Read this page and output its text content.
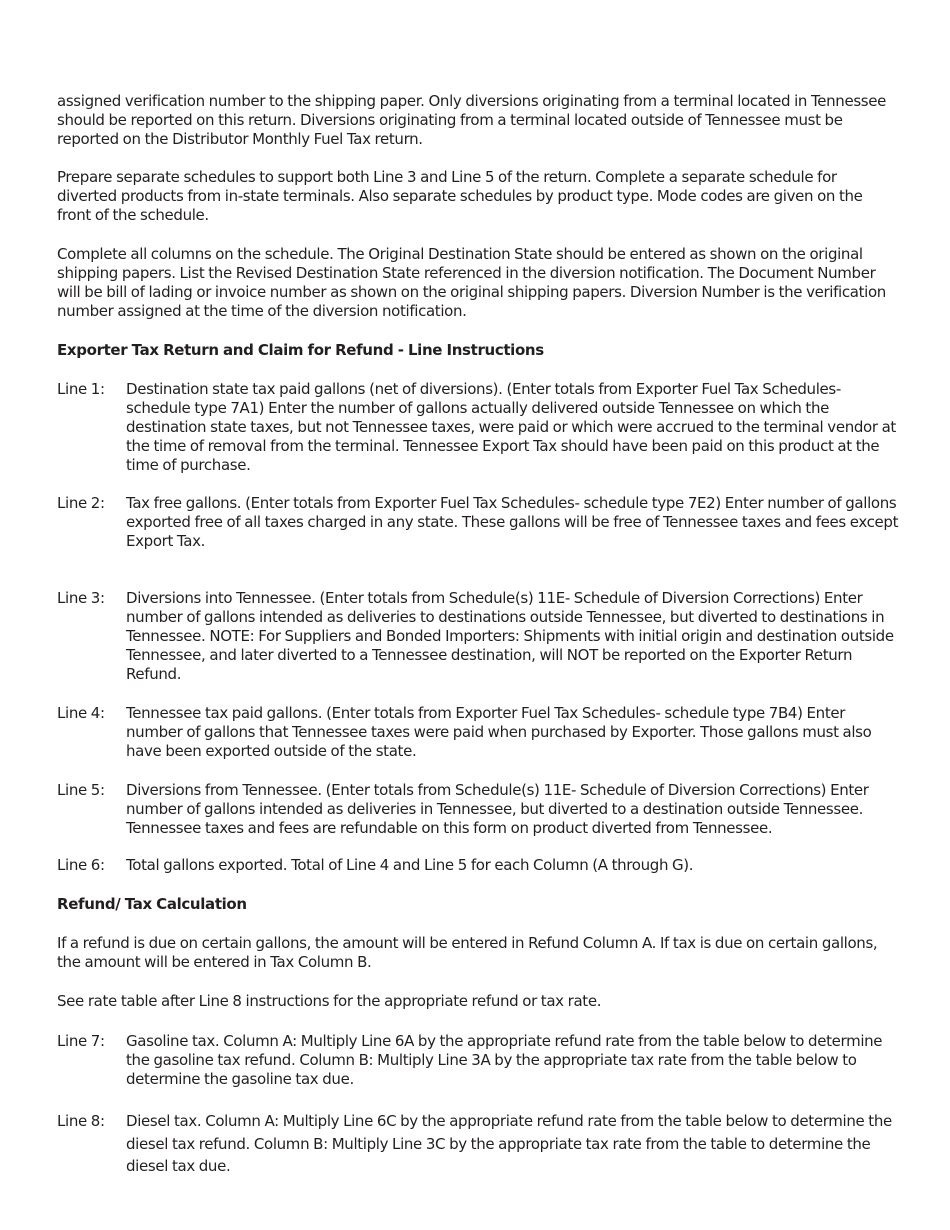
assigned verification number to the shipping paper. Only diversions originating from a terminal located in Tennessee should be reported on this return. Diversions originating from a terminal located outside of Tennessee must be reported on the Distributor Monthly Fuel Tax return.

Prepare separate schedules to support both Line 3 and Line 5 of the return. Complete a separate schedule for diverted products from in-state terminals. Also separate schedules by product type. Mode codes are given on the front of the schedule.

Complete all columns on the schedule. The Original Destination State should be entered as shown on the original shipping papers. List the Revised Destination State referenced in the diversion notification. The Document Number will be bill of lading or invoice number as shown on the original shipping papers. Diversion Number is the verification number assigned at the time of the diversion notification.

Exporter Tax Return and Claim for Refund - Line Instructions

Line 1:	Destination state tax paid gallons (net of diversions). (Enter totals from Exporter Fuel Tax Schedules- schedule type 7A1) Enter the number of gallons actually delivered outside Tennessee on which the destination state taxes, but not Tennessee taxes, were paid or which were accrued to the terminal vendor at the time of removal from the terminal. Tennessee Export Tax should have been paid on this product at the time of purchase.
Line 2:	Tax free gallons. (Enter totals from Exporter Fuel Tax Schedules- schedule type 7E2) Enter number of gallons exported free of all taxes charged in any state. These gallons will be free of Tennessee taxes and fees except Export Tax.
Line 3:	Diversions into Tennessee. (Enter totals from Schedule(s) 11E- Schedule of Diversion Corrections) Enter number of gallons intended as deliveries to destinations outside Tennessee, but diverted to destinations in Tennessee. NOTE: For Suppliers and Bonded Importers: Shipments with initial origin and destination outside Tennessee, and later diverted to a Tennessee destination, will NOT be reported on the Exporter Return Refund.
Line 4:	Tennessee tax paid gallons. (Enter totals from Exporter Fuel Tax Schedules- schedule type 7B4) Enter number of gallons that Tennessee taxes were paid when purchased by Exporter. Those gallons must also have been exported outside of the state.
Line 5:	Diversions from Tennessee. (Enter totals from Schedule(s) 11E- Schedule of Diversion Corrections) Enter number of gallons intended as deliveries in Tennessee, but diverted to a destination outside Tennessee. Tennessee taxes and fees are refundable on this form on product diverted from Tennessee.
Line 6:	Total gallons exported. Total of Line 4 and Line 5 for each Column (A through G).

Refund/ Tax Calculation

If a refund is due on certain gallons, the amount will be entered in Refund Column A. If tax is due on certain gallons, the amount will be entered in Tax Column B.

See rate table after Line 8 instructions for the appropriate refund or tax rate.

Line 7:	Gasoline tax. Column A: Multiply Line 6A by the appropriate refund rate from the table below to determine the gasoline tax refund. Column B: Multiply Line 3A by the appropriate tax rate from the table below to determine the gasoline tax due.
Line 8:	Diesel tax. Column A: Multiply Line 6C by the appropriate refund rate from the table below to determine the diesel tax refund. Column B: Multiply Line 3C by the appropriate tax rate from the table to determine the diesel tax due.
